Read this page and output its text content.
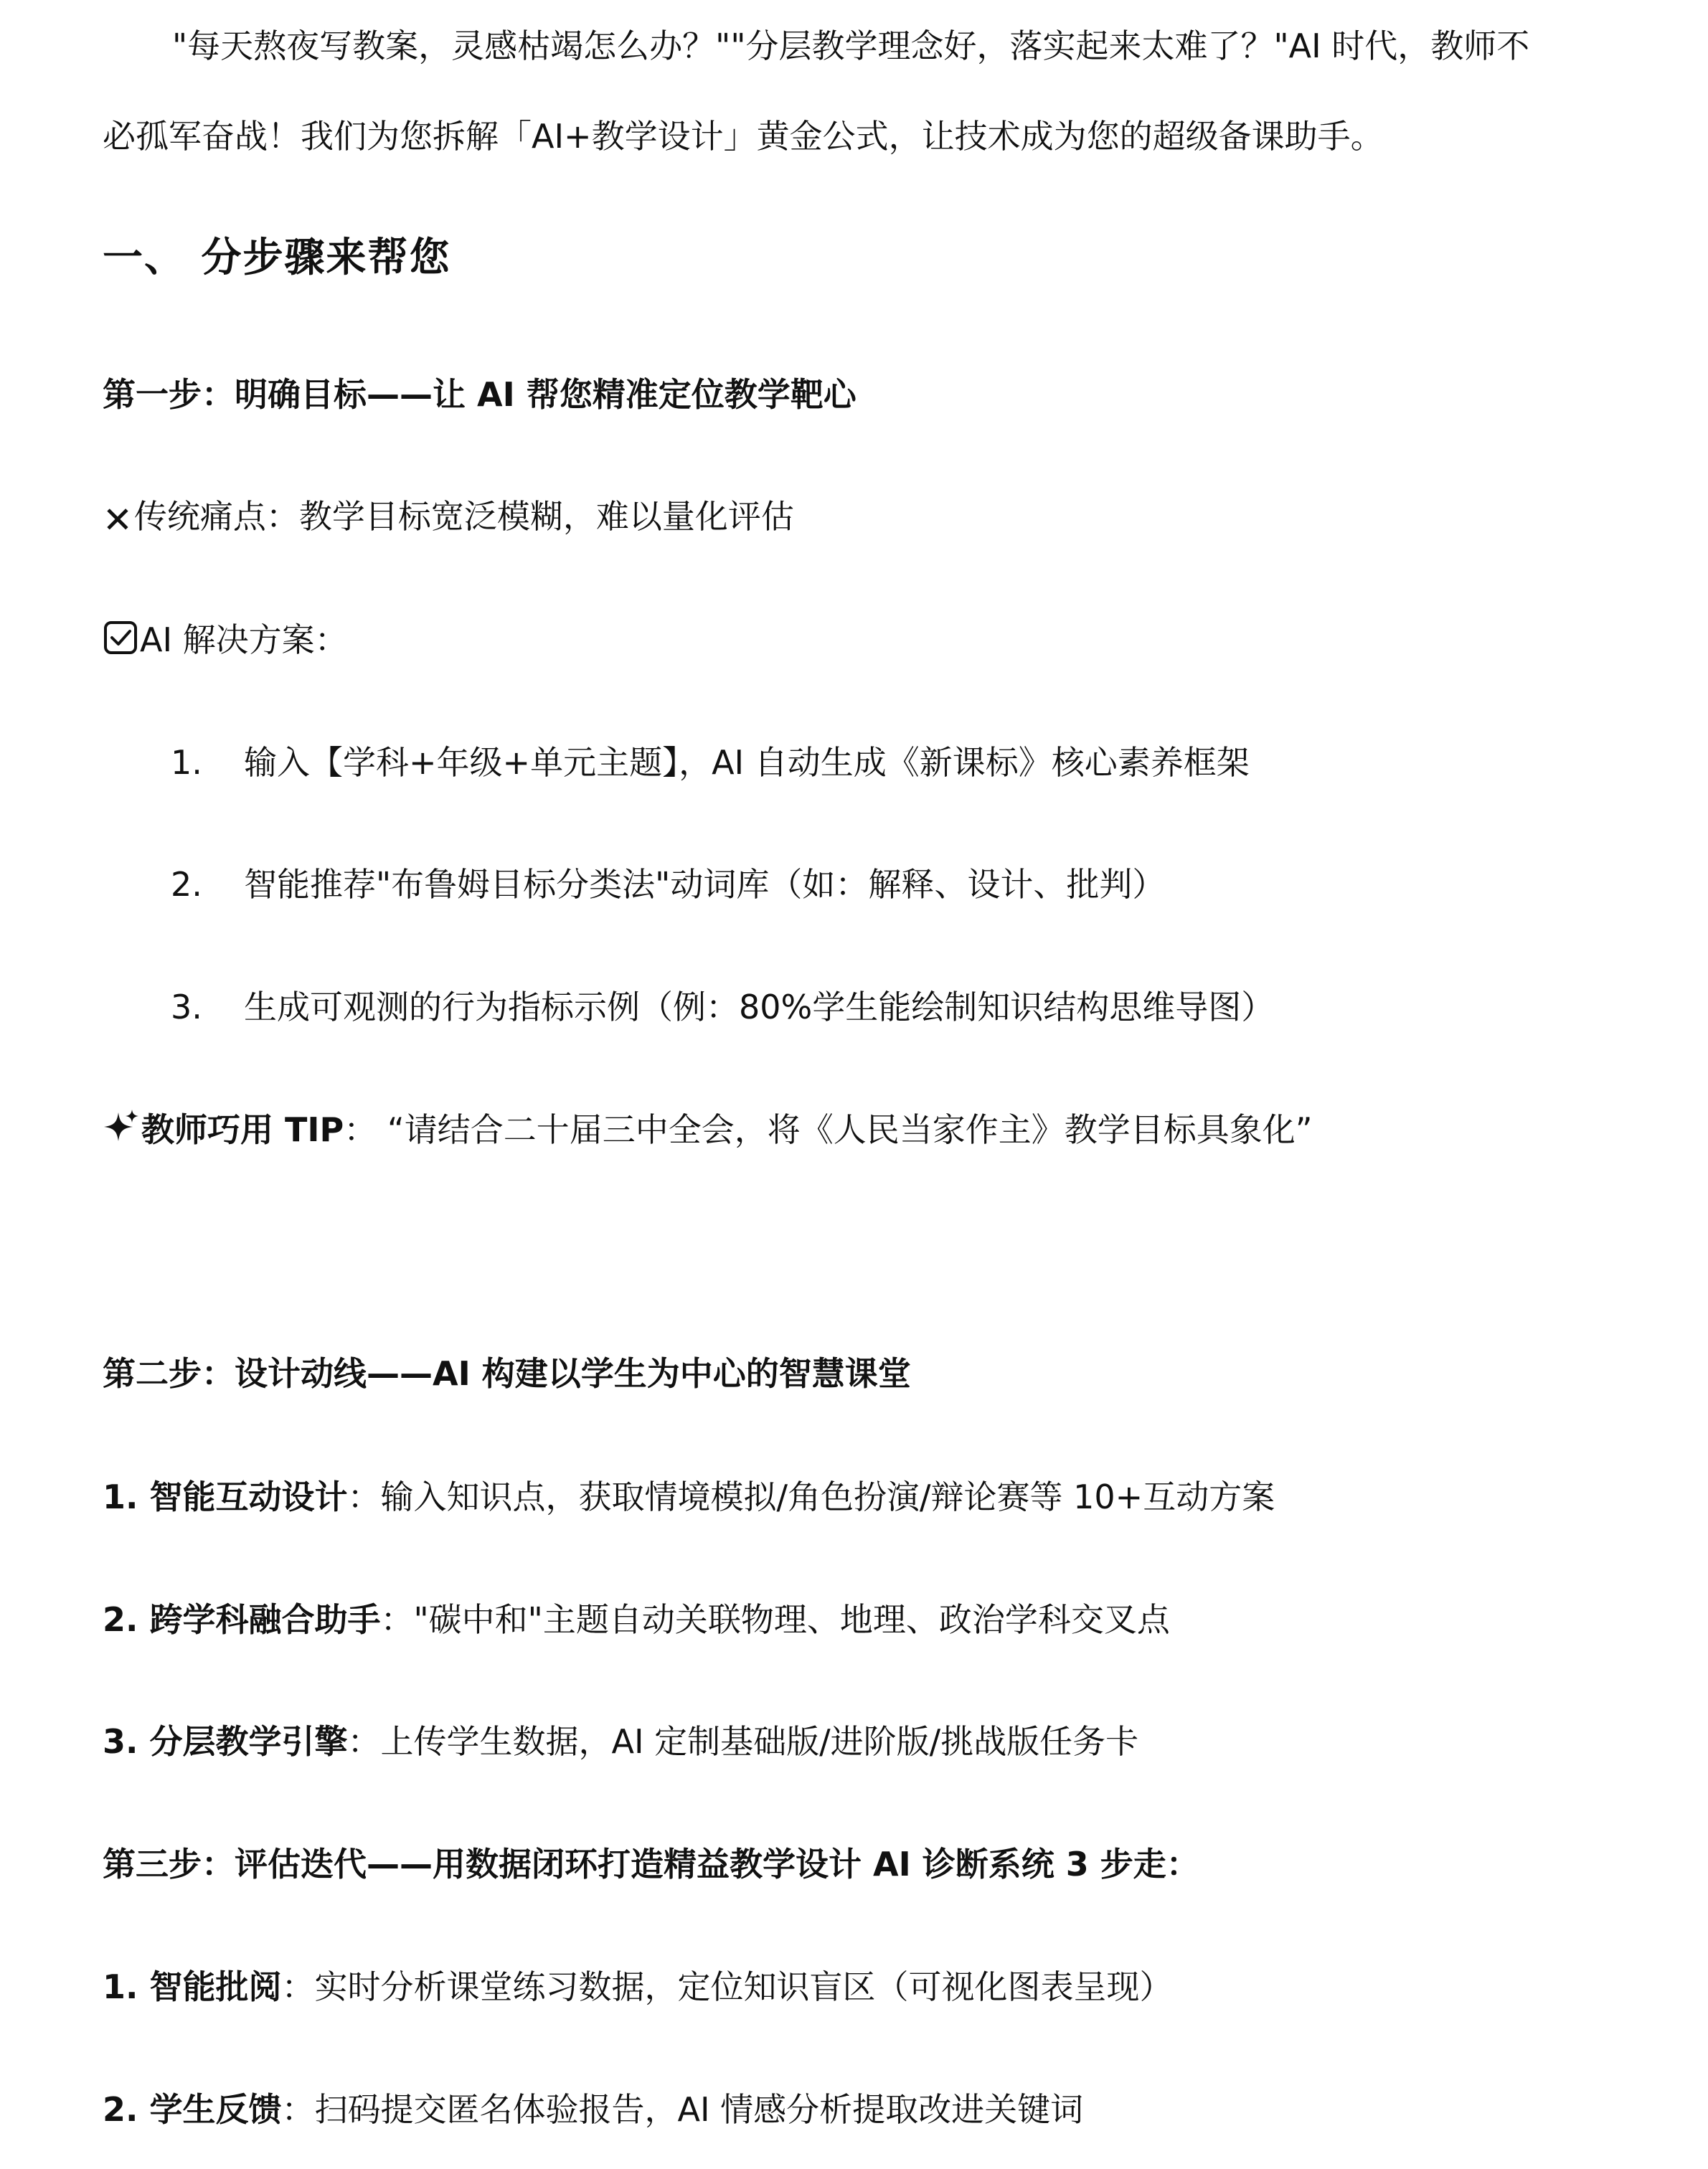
"每天熬夜写教案，灵感枯竭怎么办？""分层教学理念好，落实起来太难了？"AI 时代，教师不
必孤军奋战！我们为您拆解「AI+教学设计」黄金公式，让技术成为您的超级备课助手。
一、 分步骤来帮您
第一步：明确目标——让 AI 帮您精准定位教学靶心
✕传统痛点：教学目标宽泛模糊，难以量化评估
AI 解决方案：
1. 输入【学科+年级+单元主题】，AI 自动生成《新课标》核心素养框架
2. 智能推荐"布鲁姆目标分类法"动词库（如：解释、设计、批判）
3. 生成可观测的行为指标示例（例：80%学生能绘制知识结构思维导图）
教师巧用 TIP： “请结合二十届三中全会，将《人民当家作主》教学目标具象化”
第二步：设计动线——AI 构建以学生为中心的智慧课堂
1. 智能互动设计：输入知识点，获取情境模拟/角色扮演/辩论赛等 10+互动方案
2. 跨学科融合助手："碳中和"主题自动关联物理、地理、政治学科交叉点
3. 分层教学引擎：上传学生数据，AI 定制基础版/进阶版/挑战版任务卡
第三步：评估迭代——用数据闭环打造精益教学设计 AI 诊断系统 3 步走：
1. 智能批阅：实时分析课堂练习数据，定位知识盲区（可视化图表呈现）
2. 学生反馈：扫码提交匿名体验报告，AI 情感分析提取改进关键词
